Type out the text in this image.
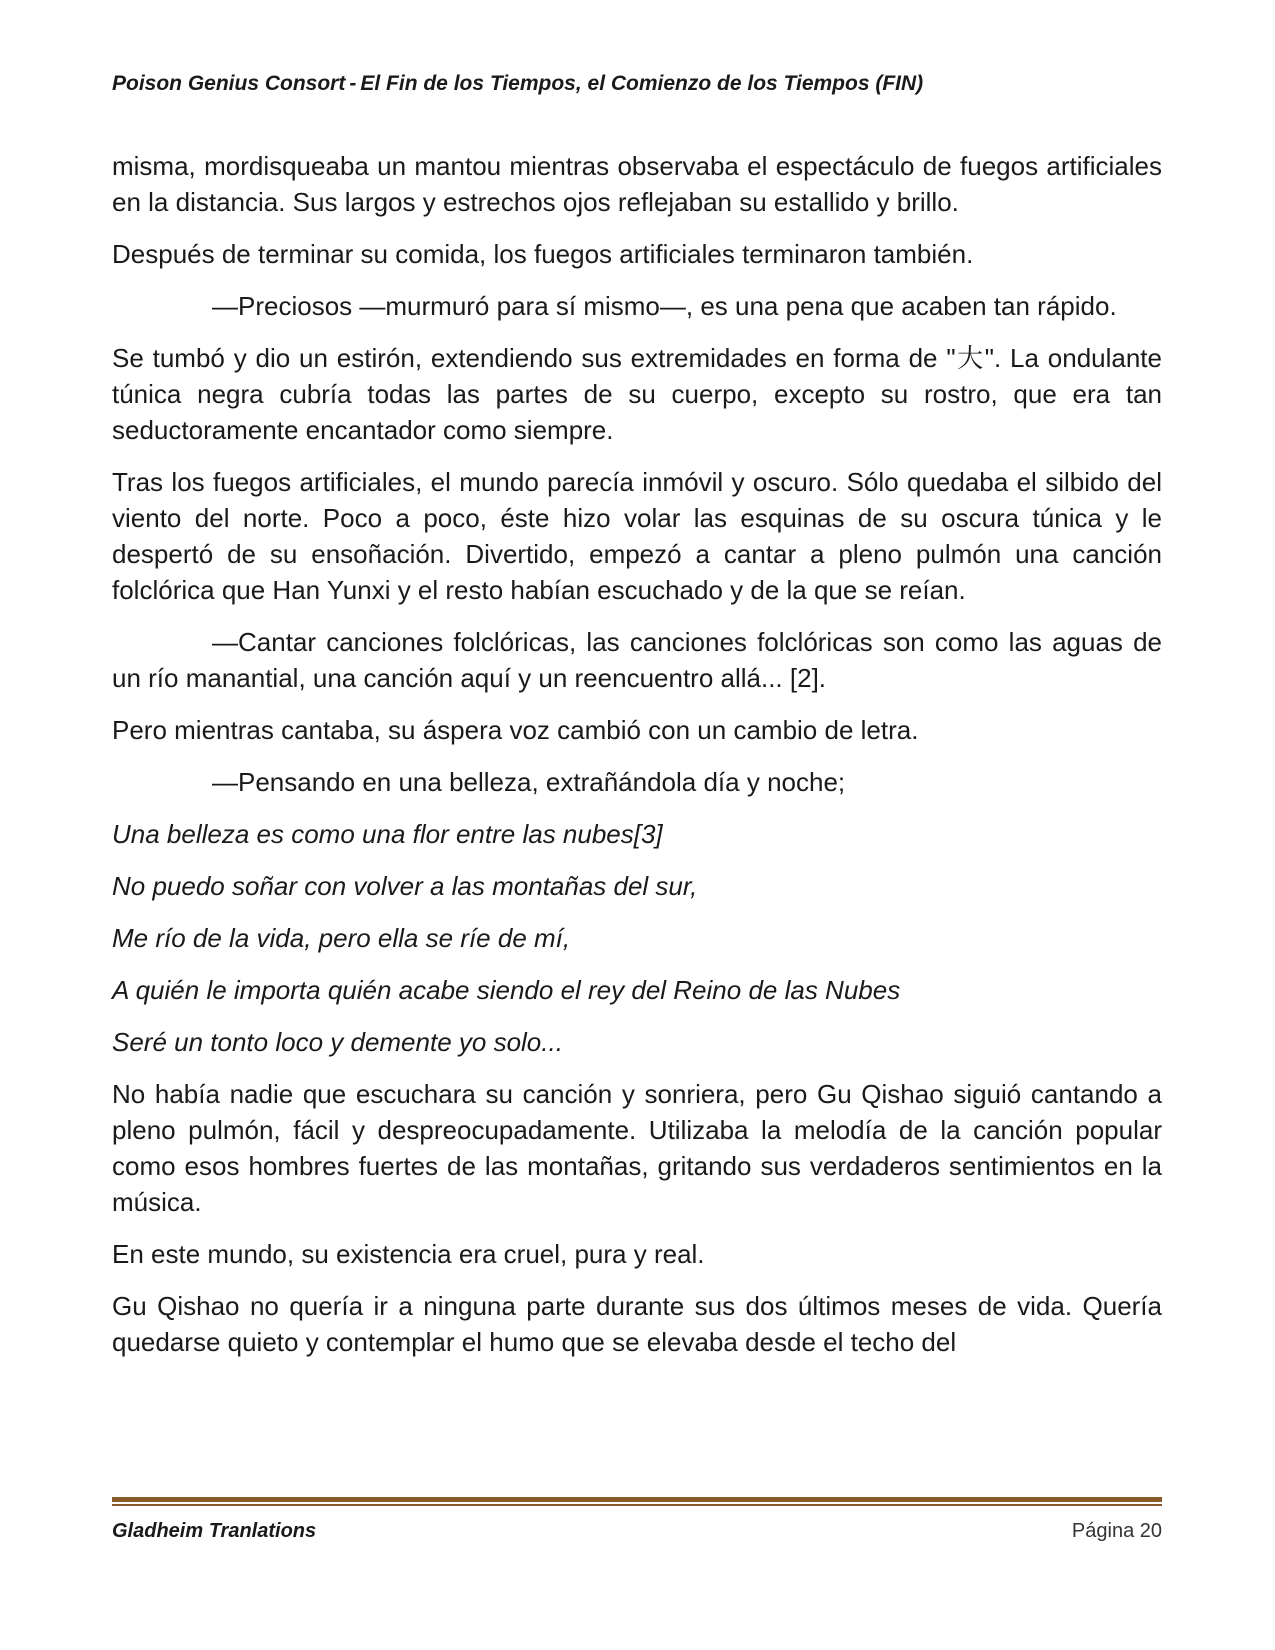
Poison Genius Consort - El Fin de los Tiempos, el Comienzo de los Tiempos (FIN)

misma, mordisqueaba un mantou mientras observaba el espectáculo de fuegos artificiales en la distancia. Sus largos y estrechos ojos reflejaban su estallido y brillo.

Después de terminar su comida, los fuegos artificiales terminaron también.

—Preciosos —murmuró para sí mismo—, es una pena que acaben tan rápido.

Se tumbó y dio un estirón, extendiendo sus extremidades en forma de "大". La ondulante túnica negra cubría todas las partes de su cuerpo, excepto su rostro, que era tan seductoramente encantador como siempre.

Tras los fuegos artificiales, el mundo parecía inmóvil y oscuro. Sólo quedaba el silbido del viento del norte. Poco a poco, éste hizo volar las esquinas de su oscura túnica y le despertó de su ensoñación. Divertido, empezó a cantar a pleno pulmón una canción folclórica que Han Yunxi y el resto habían escuchado y de la que se reían.

—Cantar canciones folclóricas, las canciones folclóricas son como las aguas de un río manantial, una canción aquí y un reencuentro allá... [2].

Pero mientras cantaba, su áspera voz cambió con un cambio de letra.

—Pensando en una belleza, extrañándola día y noche;

Una belleza es como una flor entre las nubes[3]

No puedo soñar con volver a las montañas del sur,

Me río de la vida, pero ella se ríe de mí,

A quién le importa quién acabe siendo el rey del Reino de las Nubes

Seré un tonto loco y demente yo solo...

No había nadie que escuchara su canción y sonriera, pero Gu Qishao siguió cantando a pleno pulmón, fácil y despreocupadamente. Utilizaba la melodía de la canción popular como esos hombres fuertes de las montañas, gritando sus verdaderos sentimientos en la música.

En este mundo, su existencia era cruel, pura y real.

Gu Qishao no quería ir a ninguna parte durante sus dos últimos meses de vida. Quería quedarse quieto y contemplar el humo que se elevaba desde el techo del

Gladheim Tranlations	Página 20
